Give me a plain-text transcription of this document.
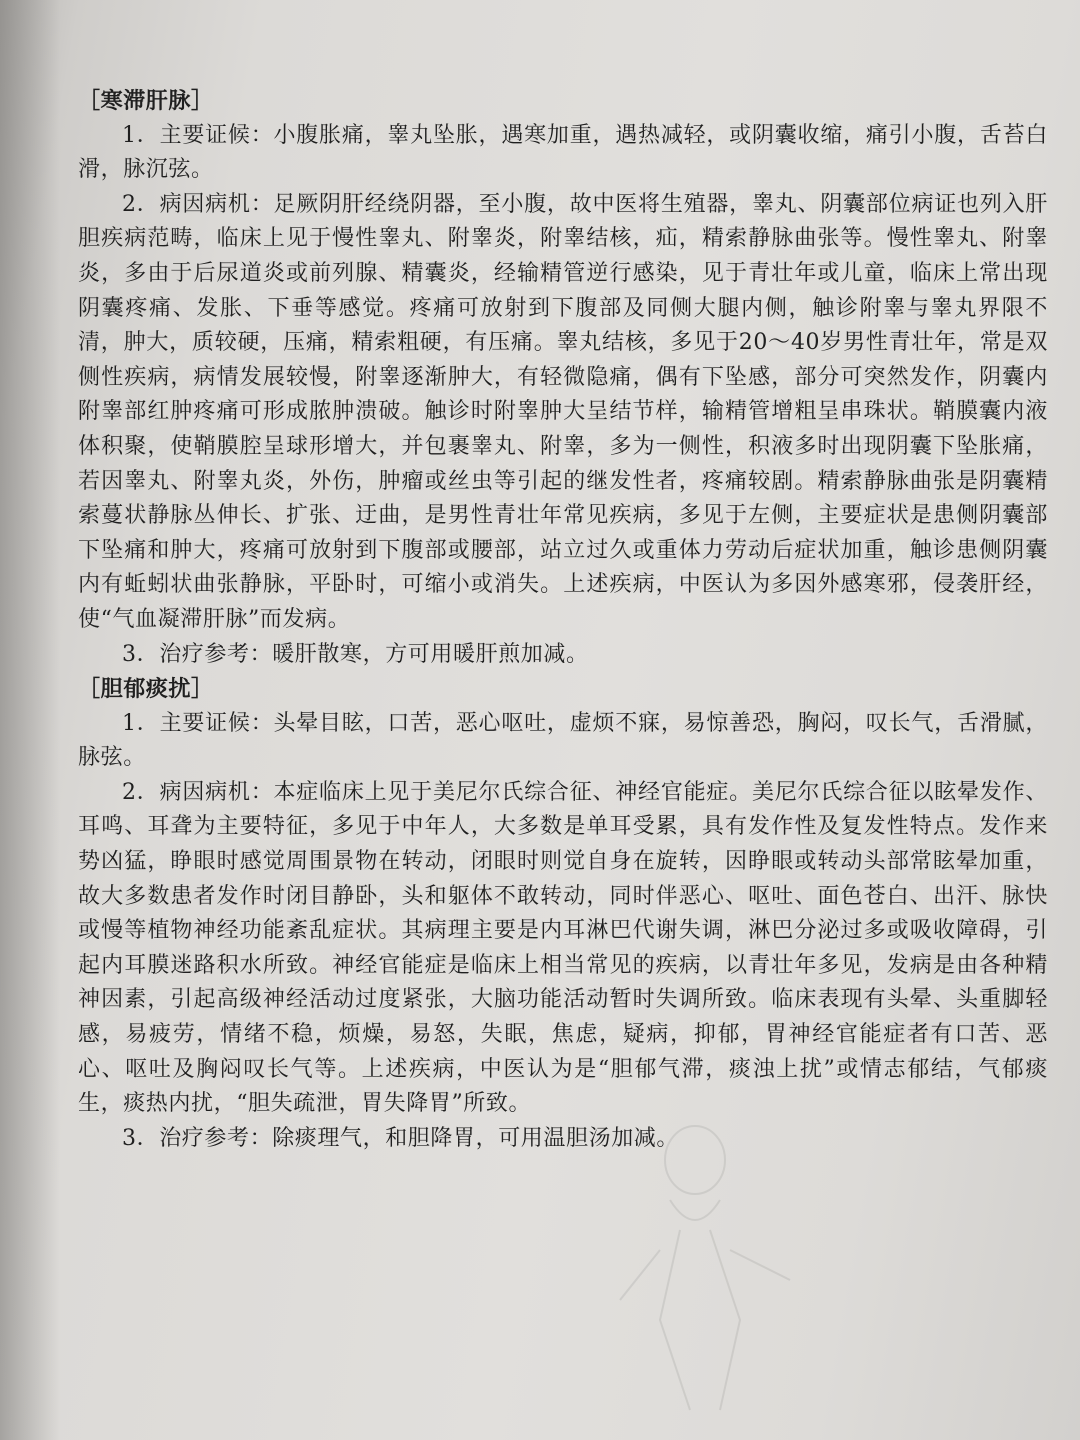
［寒滞肝脉］

1．主要证候：小腹胀痛，睾丸坠胀，遇寒加重，遇热减轻，或阴囊收缩，痛引小腹，舌苔白滑，脉沉弦。

2．病因病机：足厥阴肝经绕阴器，至小腹，故中医将生殖器，睾丸、阴囊部位病证也列入肝胆疾病范畴，临床上见于慢性睾丸、附睾炎，附睾结核，疝，精索静脉曲张等。慢性睾丸、附睾炎，多由于后尿道炎或前列腺、精囊炎，经输精管逆行感染，见于青壮年或儿童，临床上常出现阴囊疼痛、发胀、下垂等感觉。疼痛可放射到下腹部及同侧大腿内侧，触诊附睾与睾丸界限不清，肿大，质较硬，压痛，精索粗硬，有压痛。睾丸结核，多见于20～40岁男性青壮年，常是双侧性疾病，病情发展较慢，附睾逐渐肿大，有轻微隐痛，偶有下坠感，部分可突然发作，阴囊内附睾部红肿疼痛可形成脓肿溃破。触诊时附睾肿大呈结节样，输精管增粗呈串珠状。鞘膜囊内液体积聚，使鞘膜腔呈球形增大，并包裹睾丸、附睾，多为一侧性，积液多时出现阴囊下坠胀痛，若因睾丸、附睾丸炎，外伤，肿瘤或丝虫等引起的继发性者，疼痛较剧。精索静脉曲张是阴囊精索蔓状静脉丛伸长、扩张、迂曲，是男性青壮年常见疾病，多见于左侧，主要症状是患侧阴囊部下坠痛和肿大，疼痛可放射到下腹部或腰部，站立过久或重体力劳动后症状加重，触诊患侧阴囊内有蚯蚓状曲张静脉，平卧时，可缩小或消失。上述疾病，中医认为多因外感寒邪，侵袭肝经，使“气血凝滞肝脉”而发病。

3．治疗参考：暖肝散寒，方可用暖肝煎加减。

［胆郁痰扰］

1．主要证候：头晕目眩，口苦，恶心呕吐，虚烦不寐，易惊善恐，胸闷，叹长气，舌滑腻，脉弦。

2．病因病机：本症临床上见于美尼尔氏综合征、神经官能症。美尼尔氏综合征以眩晕发作、耳鸣、耳聋为主要特征，多见于中年人，大多数是单耳受累，具有发作性及复发性特点。发作来势凶猛，睁眼时感觉周围景物在转动，闭眼时则觉自身在旋转，因睁眼或转动头部常眩晕加重，故大多数患者发作时闭目静卧，头和躯体不敢转动，同时伴恶心、呕吐、面色苍白、出汗、脉快或慢等植物神经功能紊乱症状。其病理主要是内耳淋巴代谢失调，淋巴分泌过多或吸收障碍，引起内耳膜迷路积水所致。神经官能症是临床上相当常见的疾病，以青壮年多见，发病是由各种精神因素，引起高级神经活动过度紧张，大脑功能活动暂时失调所致。临床表现有头晕、头重脚轻感，易疲劳，情绪不稳，烦燥，易怒，失眠，焦虑，疑病，抑郁，胃神经官能症者有口苦、恶心、呕吐及胸闷叹长气等。上述疾病，中医认为是“胆郁气滞，痰浊上扰”或情志郁结，气郁痰生，痰热内扰，“胆失疏泄，胃失降胃”所致。

3．治疗参考：除痰理气，和胆降胃，可用温胆汤加减。
